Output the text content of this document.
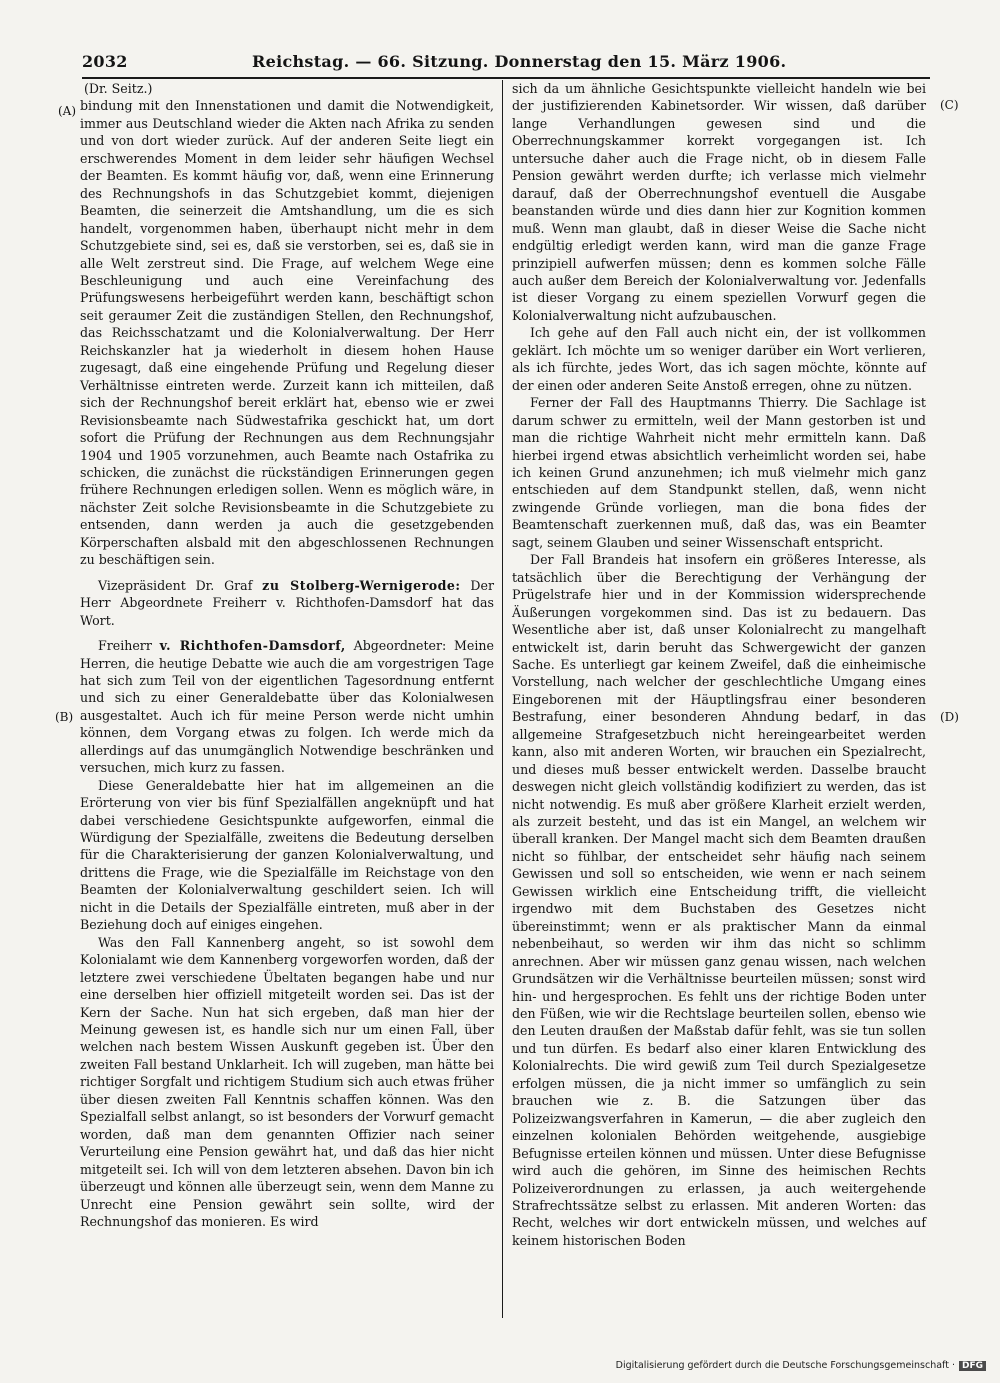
2032	Reichstag. — 66. Sitzung. Donnerstag den 15. März 1906.
(A)
(B)
(C)
(D)

(Dr. Seitz.)

bindung mit den Innenstationen und damit die Notwendigkeit, immer aus Deutschland wieder die Akten nach Afrika zu senden und von dort wieder zurück. Auf der anderen Seite liegt ein erschwerendes Moment in dem leider sehr häufigen Wechsel der Beamten. Es kommt häufig vor, daß, wenn eine Erinnerung des Rechnungshofs in das Schutzgebiet kommt, diejenigen Beamten, die seinerzeit die Amtshandlung, um die es sich handelt, vorgenommen haben, überhaupt nicht mehr in dem Schutzgebiete sind, sei es, daß sie verstorben, sei es, daß sie in alle Welt zerstreut sind. Die Frage, auf welchem Wege eine Beschleunigung und auch eine Vereinfachung des Prüfungswesens herbeigeführt werden kann, beschäftigt schon seit geraumer Zeit die zuständigen Stellen, den Rechnungshof, das Reichsschatzamt und die Kolonialverwaltung. Der Herr Reichskanzler hat ja wiederholt in diesem hohen Hause zugesagt, daß eine eingehende Prüfung und Regelung dieser Verhältnisse eintreten werde. Zurzeit kann ich mitteilen, daß sich der Rechnungshof bereit erklärt hat, ebenso wie er zwei Revisionsbeamte nach Südwestafrika geschickt hat, um dort sofort die Prüfung der Rechnungen aus dem Rechnungsjahr 1904 und 1905 vorzunehmen, auch Beamte nach Ostafrika zu schicken, die zunächst die rückständigen Erinnerungen gegen frühere Rechnungen erledigen sollen. Wenn es möglich wäre, in nächster Zeit solche Revisionsbeamte in die Schutzgebiete zu entsenden, dann werden ja auch die gesetzgebenden Körperschaften alsbald mit den abgeschlossenen Rechnungen zu beschäftigen sein.

Vizepräsident Dr. Graf zu Stolberg-Wernigerode: Der Herr Abgeordnete Freiherr v. Richthofen-Damsdorf hat das Wort.

Freiherr v. Richthofen-Damsdorf, Abgeordneter: Meine Herren, die heutige Debatte wie auch die am vorgestrigen Tage hat sich zum Teil von der eigentlichen Tagesordnung entfernt und sich zu einer Generaldebatte über das Kolonialwesen ausgestaltet. Auch ich für meine Person werde nicht umhin können, dem Vorgang etwas zu folgen. Ich werde mich da allerdings auf das unumgänglich Notwendige beschränken und versuchen, mich kurz zu fassen.

Diese Generaldebatte hier hat im allgemeinen an die Erörterung von vier bis fünf Spezialfällen angeknüpft und hat dabei verschiedene Gesichtspunkte aufgeworfen, einmal die Würdigung der Spezialfälle, zweitens die Bedeutung derselben für die Charakterisierung der ganzen Kolonialverwaltung, und drittens die Frage, wie die Spezialfälle im Reichstage von den Beamten der Kolonialverwaltung geschildert seien. Ich will nicht in die Details der Spezialfälle eintreten, muß aber in der Beziehung doch auf einiges eingehen.

Was den Fall Kannenberg angeht, so ist sowohl dem Kolonialamt wie dem Kannenberg vorgeworfen worden, daß der letztere zwei verschiedene Übeltaten begangen habe und nur eine derselben hier offiziell mitgeteilt worden sei. Das ist der Kern der Sache. Nun hat sich ergeben, daß man hier der Meinung gewesen ist, es handle sich nur um einen Fall, über welchen nach bestem Wissen Auskunft gegeben ist. Über den zweiten Fall bestand Unklarheit. Ich will zugeben, man hätte bei richtiger Sorgfalt und richtigem Studium sich auch etwas früher über diesen zweiten Fall Kenntnis schaffen können. Was den Spezialfall selbst anlangt, so ist besonders der Vorwurf gemacht worden, daß man dem genannten Offizier nach seiner Verurteilung eine Pension gewährt hat, und daß das hier nicht mitgeteilt sei. Ich will von dem letzteren absehen. Davon bin ich überzeugt und können alle überzeugt sein, wenn dem Manne zu Unrecht eine Pension gewährt sein sollte, wird der Rechnungshof das monieren. Es wird

sich da um ähnliche Gesichtspunkte vielleicht handeln wie bei der justifizierenden Kabinetsorder. Wir wissen, daß darüber lange Verhandlungen gewesen sind und die Oberrechnungskammer korrekt vorgegangen ist. Ich untersuche daher auch die Frage nicht, ob in diesem Falle Pension gewährt werden durfte; ich verlasse mich vielmehr darauf, daß der Oberrechnungshof eventuell die Ausgabe beanstanden würde und dies dann hier zur Kognition kommen muß. Wenn man glaubt, daß in dieser Weise die Sache nicht endgültig erledigt werden kann, wird man die ganze Frage prinzipiell aufwerfen müssen; denn es kommen solche Fälle auch außer dem Bereich der Kolonialverwaltung vor. Jedenfalls ist dieser Vorgang zu einem speziellen Vorwurf gegen die Kolonialverwaltung nicht aufzubauschen.

Ich gehe auf den Fall auch nicht ein, der ist vollkommen geklärt. Ich möchte um so weniger darüber ein Wort verlieren, als ich fürchte, jedes Wort, das ich sagen möchte, könnte auf der einen oder anderen Seite Anstoß erregen, ohne zu nützen.

Ferner der Fall des Hauptmanns Thierry. Die Sachlage ist darum schwer zu ermitteln, weil der Mann gestorben ist und man die richtige Wahrheit nicht mehr ermitteln kann. Daß hierbei irgend etwas absichtlich verheimlicht worden sei, habe ich keinen Grund anzunehmen; ich muß vielmehr mich ganz entschieden auf dem Standpunkt stellen, daß, wenn nicht zwingende Gründe vorliegen, man die bona fides der Beamtenschaft zuerkennen muß, daß das, was ein Beamter sagt, seinem Glauben und seiner Wissenschaft entspricht.

Der Fall Brandeis hat insofern ein größeres Interesse, als tatsächlich über die Berechtigung der Verhängung der Prügelstrafe hier und in der Kommission widersprechende Äußerungen vorgekommen sind. Das ist zu bedauern. Das Wesentliche aber ist, daß unser Kolonialrecht zu mangelhaft entwickelt ist, darin beruht das Schwergewicht der ganzen Sache. Es unterliegt gar keinem Zweifel, daß die einheimische Vorstellung, nach welcher der geschlechtliche Umgang eines Eingeborenen mit der Häuptlingsfrau einer besonderen Bestrafung, einer besonderen Ahndung bedarf, in das allgemeine Strafgesetzbuch nicht hereingearbeitet werden kann, also mit anderen Worten, wir brauchen ein Spezialrecht, und dieses muß besser entwickelt werden. Dasselbe braucht deswegen nicht gleich vollständig kodifiziert zu werden, das ist nicht notwendig. Es muß aber größere Klarheit erzielt werden, als zurzeit besteht, und das ist ein Mangel, an welchem wir überall kranken. Der Mangel macht sich dem Beamten draußen nicht so fühlbar, der entscheidet sehr häufig nach seinem Gewissen und soll so entscheiden, wie wenn er nach seinem Gewissen wirklich eine Entscheidung trifft, die vielleicht irgendwo mit dem Buchstaben des Gesetzes nicht übereinstimmt; wenn er als praktischer Mann da einmal nebenbeihaut, so werden wir ihm das nicht so schlimm anrechnen. Aber wir müssen ganz genau wissen, nach welchen Grundsätzen wir die Verhältnisse beurteilen müssen; sonst wird hin- und hergesprochen. Es fehlt uns der richtige Boden unter den Füßen, wie wir die Rechtslage beurteilen sollen, ebenso wie den Leuten draußen der Maßstab dafür fehlt, was sie tun sollen und tun dürfen. Es bedarf also einer klaren Entwicklung des Kolonialrechts. Die wird gewiß zum Teil durch Spezialgesetze erfolgen müssen, die ja nicht immer so umfänglich zu sein brauchen wie z. B. die Satzungen über das Polizeizwangsverfahren in Kamerun, — die aber zugleich den einzelnen kolonialen Behörden weitgehende, ausgiebige Befugnisse erteilen können und müssen. Unter diese Befugnisse wird auch die gehören, im Sinne des heimischen Rechts Polizeiverordnungen zu erlassen, ja auch weitergehende Strafrechtssätze selbst zu erlassen. Mit anderen Worten: das Recht, welches wir dort entwickeln müssen, und welches auf keinem historischen Boden

Digitalisierung gefördert durch die Deutsche Forschungsgemeinschaft · DFG
